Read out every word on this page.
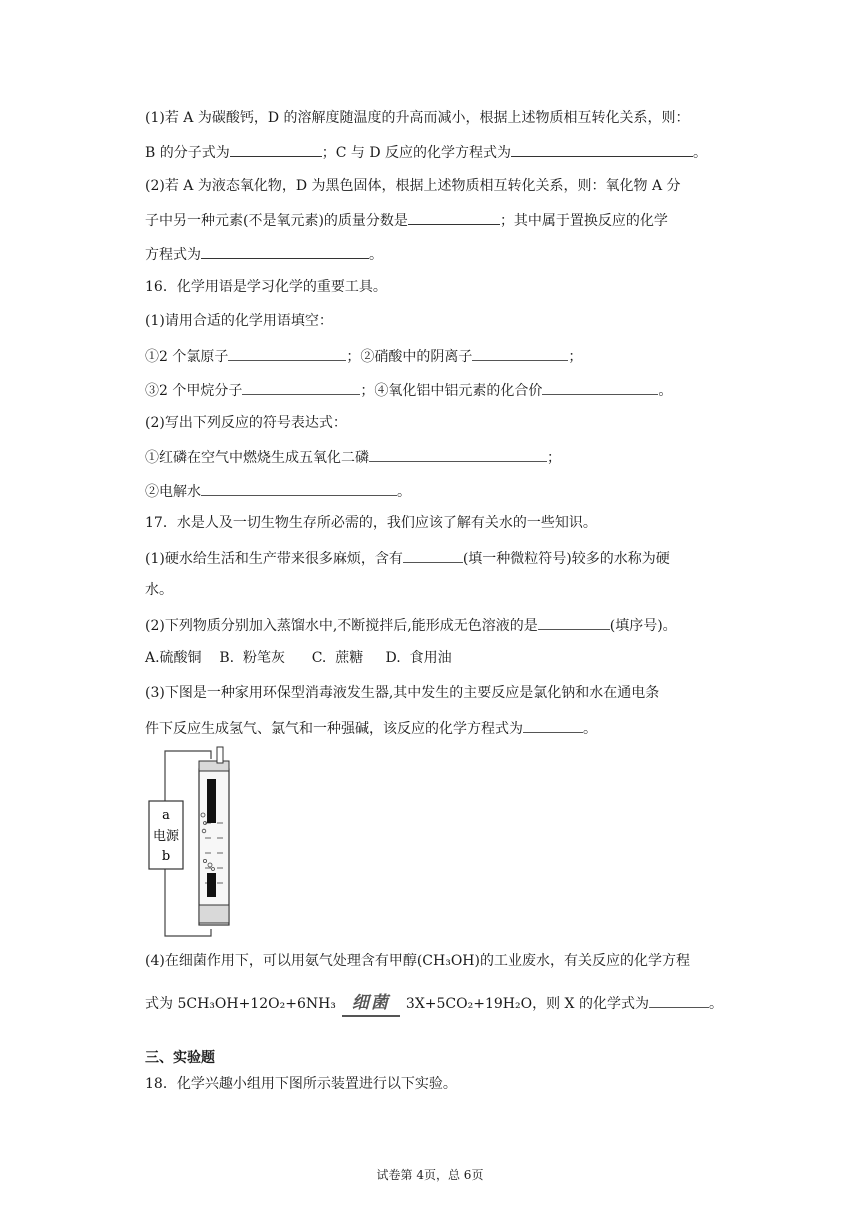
(1)若 A 为碳酸钙，D 的溶解度随温度的升高而减小，根据上述物质相互转化关系，则：
B 的分子式为	；C 与 D 反应的化学方程式为	。
(2)若 A 为液态氧化物，D 为黑色固体，根据上述物质相互转化关系，则：氧化物 A 分
子中另一种元素(不是氧元素)的质量分数是	；其中属于置换反应的化学
方程式为	。
16．化学用语是学习化学的重要工具。
(1)请用合适的化学用语填空：
①2 个氯原子	；②硝酸中的阴离子	；
③2 个甲烷分子	；④氧化铝中铝元素的化合价	。
(2)写出下列反应的符号表达式：
①红磷在空气中燃烧生成五氧化二磷	；
②电解水	。
17．水是人及一切生物生存所必需的，我们应该了解有关水的一些知识。
(1)硬水给生活和生产带来很多麻烦，含有	(填一种微粒符号)较多的水称为硬
水。
(2)下列物质分别加入蒸馏水中,不断搅拌后,能形成无色溶液的是	(填序号)。
A.硫酸铜    B.  粉笔灰      C.  蔗糖     D.  食用油
(3)下图是一种家用环保型消毒液发生器,其中发生的主要反应是氯化钠和水在通电条
件下反应生成氢气、氯气和一种强碱，该反应的化学方程式为	。
a
电源
b
(4)在细菌作用下，可以用氨气处理含有甲醇(CH₃OH)的工业废水，有关反应的化学方程
式为 5CH₃OH+12O₂+6NH₃ 细菌 3X+5CO₂+19H₂O，则 X 的化学式为	。
三、实验题
18．化学兴趣小组用下图所示装置进行以下实验。
试卷第 4页，总 6页
